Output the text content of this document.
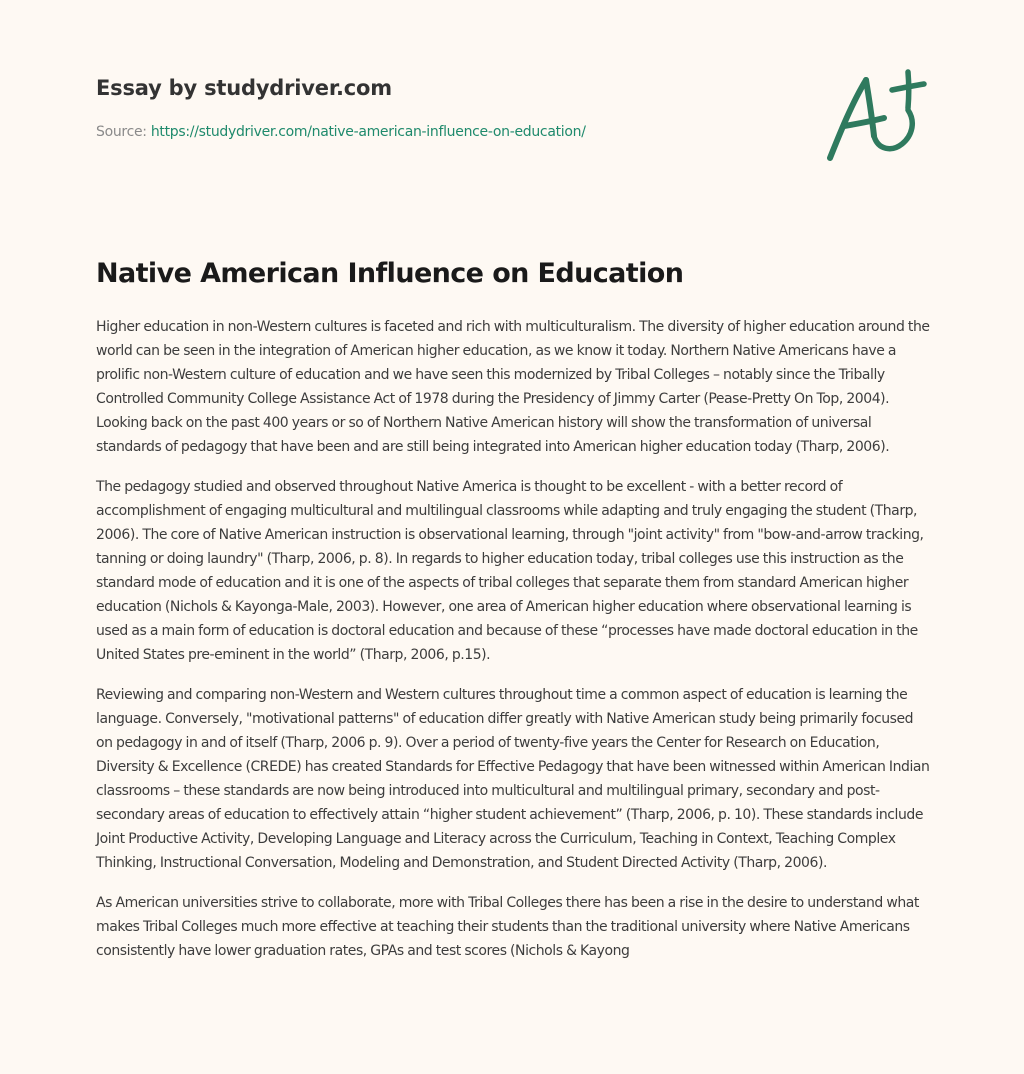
Essay by studydriver.com
Source: https://studydriver.com/native-american-influence-on-education/
Native American Influence on Education

Higher education in non-Western cultures is faceted and rich with multiculturalism. The diversity of higher education around the world can be seen in the integration of American higher education, as we know it today. Northern Native Americans have a prolific non-Western culture of education and we have seen this modernized by Tribal Colleges – notably since the Tribally Controlled Community College Assistance Act of 1978 during the Presidency of Jimmy Carter (Pease-Pretty On Top, 2004). Looking back on the past 400 years or so of Northern Native American history will show the transformation of universal standards of pedagogy that have been and are still being integrated into American higher education today (Tharp, 2006).

The pedagogy studied and observed throughout Native America is thought to be excellent - with a better record of accomplishment of engaging multicultural and multilingual classrooms while adapting and truly engaging the student (Tharp, 2006). The core of Native American instruction is observational learning, through "joint activity" from "bow-and-arrow tracking, tanning or doing laundry" (Tharp, 2006, p. 8). In regards to higher education today, tribal colleges use this instruction as the standard mode of education and it is one of the aspects of tribal colleges that separate them from standard American higher education (Nichols & Kayonga-Male, 2003). However, one area of American higher education where observational learning is used as a main form of education is doctoral education and because of these “processes have made doctoral education in the United States pre-eminent in the world” (Tharp, 2006, p.15).

Reviewing and comparing non-Western and Western cultures throughout time a common aspect of education is learning the language. Conversely, "motivational patterns" of education differ greatly with Native American study being primarily focused on pedagogy in and of itself (Tharp, 2006 p. 9). Over a period of twenty-five years the Center for Research on Education, Diversity & Excellence (CREDE) has created Standards for Effective Pedagogy that have been witnessed within American Indian classrooms – these standards are now being introduced into multicultural and multilingual primary, secondary and post-secondary areas of education to effectively attain “higher student achievement” (Tharp, 2006, p. 10). These standards include Joint Productive Activity, Developing Language and Literacy across the Curriculum, Teaching in Context, Teaching Complex Thinking, Instructional Conversation, Modeling and Demonstration, and Student Directed Activity (Tharp, 2006).

As American universities strive to collaborate, more with Tribal Colleges there has been a rise in the desire to understand what makes Tribal Colleges much more effective at teaching their students than the traditional university where Native Americans consistently have lower graduation rates, GPAs and test scores (Nichols & Kayong
